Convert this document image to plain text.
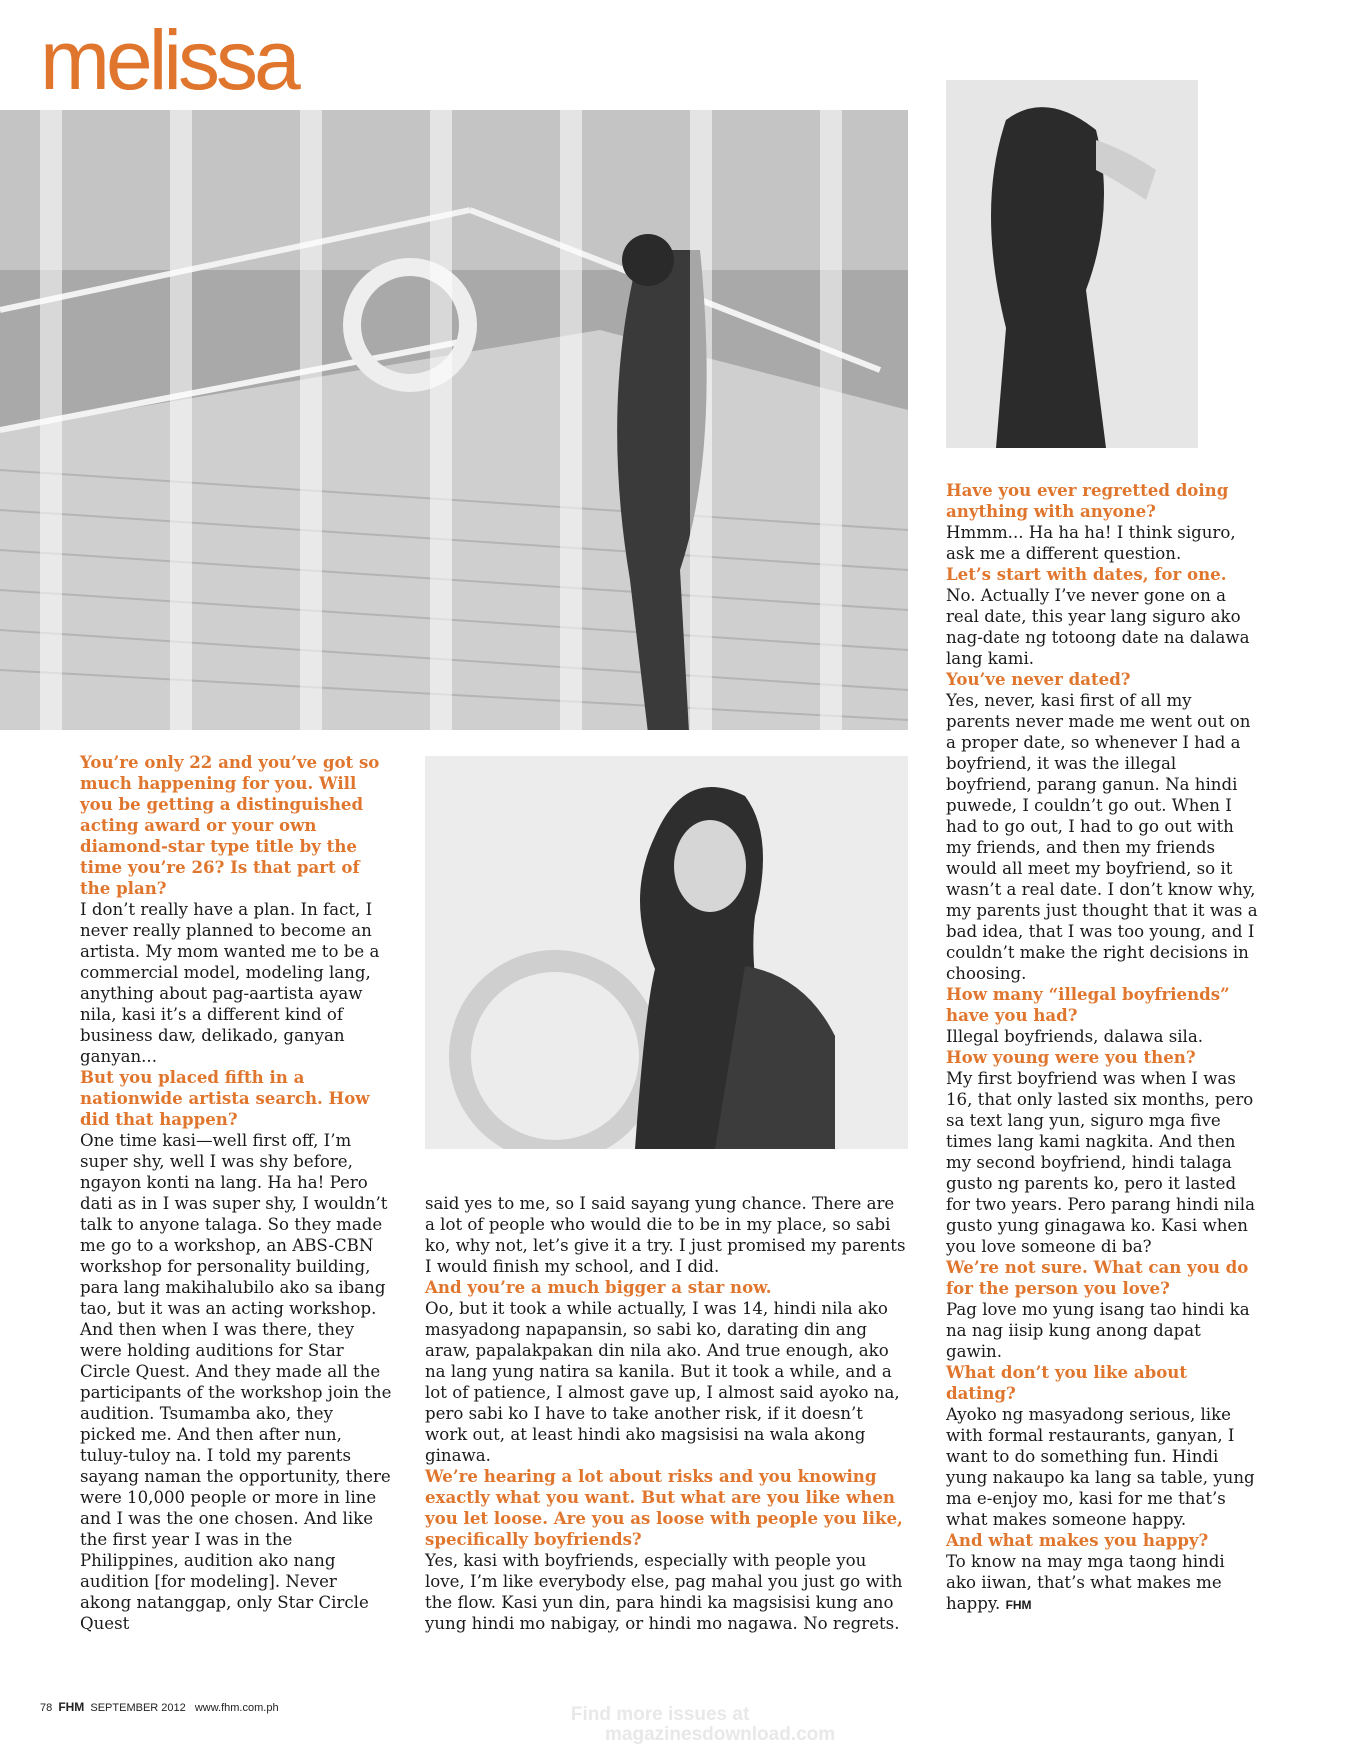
melissa

You’re only 22 and you’ve got so much happening for you. Will you be getting a distinguished acting award or your own diamond-star type title by the time you’re 26? Is that part of the plan?

I don’t really have a plan. In fact, I never really planned to become an artista. My mom wanted me to be a commercial model, modeling lang, anything about pag-aartista ayaw nila, kasi it’s a different kind of business daw, delikado, ganyan ganyan...

But you placed fifth in a nationwide artista search. How did that happen?

One time kasi—well first off, I’m super shy, well I was shy before, ngayon konti na lang. Ha ha! Pero dati as in I was super shy, I wouldn’t talk to anyone talaga. So they made me go to a workshop, an ABS-CBN workshop for personality building, para lang makihalubilo ako sa ibang tao, but it was an acting workshop. And then when I was there, they were holding auditions for Star Circle Quest. And they made all the participants of the workshop join the audition. Tsumamba ako, they picked me. And then after nun, tuluy-tuloy na. I told my parents sayang naman the opportunity, there were 10,000 people or more in line and I was the one chosen. And like the first year I was in the Philippines, audition ako nang audition [for modeling]. Never akong natanggap, only Star Circle Quest

said yes to me, so I said sayang yung chance. There are a lot of people who would die to be in my place, so sabi ko, why not, let’s give it a try. I just promised my parents I would finish my school, and I did.

And you’re a much bigger a star now.

Oo, but it took a while actually, I was 14, hindi nila ako masyadong napapansin, so sabi ko, darating din ang araw, papalakpakan din nila ako. And true enough, ako na lang yung natira sa kanila. But it took a while, and a lot of patience, I almost gave up, I almost said ayoko na, pero sabi ko I have to take another risk, if it doesn’t work out, at least hindi ako magsisisi na wala akong ginawa.

We’re hearing a lot about risks and you knowing exactly what you want. But what are you like when you let loose. Are you as loose with people you like, specifically boyfriends?

Yes, kasi with boyfriends, especially with people you love, I’m like everybody else, pag mahal you just go with the flow. Kasi yun din, para hindi ka magsisisi kung ano yung hindi mo nabigay, or hindi mo nagawa. No regrets.

Have you ever regretted doing anything with anyone?

Hmmm... Ha ha ha! I think siguro, ask me a different question.

Let’s start with dates, for one.

No. Actually I’ve never gone on a real date, this year lang siguro ako nag-date ng totoong date na dalawa lang kami.

You’ve never dated?

Yes, never, kasi first of all my parents never made me went out on a proper date, so whenever I had a boyfriend, it was the illegal boyfriend, parang ganun. Na hindi puwede, I couldn’t go out. When I had to go out, I had to go out with my friends, and then my friends would all meet my boyfriend, so it wasn’t a real date. I don’t know why, my parents just thought that it was a bad idea, that I was too young, and I couldn’t make the right decisions in choosing.

How many “illegal boyfriends” have you had?

Illegal boyfriends, dalawa sila.

How young were you then?

My first boyfriend was when I was 16, that only lasted six months, pero sa text lang yun, siguro mga five times lang kami nagkita. And then my second boyfriend, hindi talaga gusto ng parents ko, pero it lasted for two years. Pero parang hindi nila gusto yung ginagawa ko. Kasi when you love someone di ba?

We’re not sure. What can you do for the person you love?

Pag love mo yung isang tao hindi ka na nag iisip kung anong dapat gawin.

What don’t you like about dating?

Ayoko ng masyadong serious, like with formal restaurants, ganyan, I want to do something fun. Hindi yung nakaupo ka lang sa table, yung ma e-enjoy mo, kasi for me that’s what makes someone happy.

And what makes you happy?

To know na may mga taong hindi ako iiwan, that’s what makes me happy. FHM

78 FHM SEPTEMBER 2012 www.fhm.com.ph	Find more issues at
magazinesdownload.com
